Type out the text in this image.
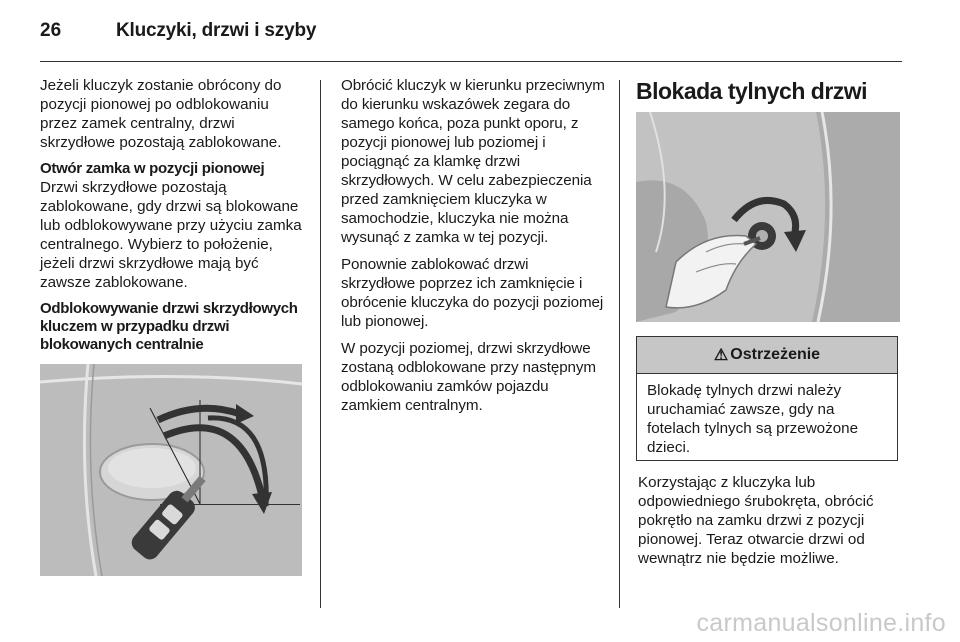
26	Kluczyki, drzwi i szyby

Jeżeli kluczyk zostanie obrócony do pozycji pionowej po odblokowaniu przez zamek centralny, drzwi skrzydłowe pozostają zablokowane.

Otwór zamka w pozycji pionowej

Drzwi skrzydłowe pozostają zablokowane, gdy drzwi są blokowane lub odblokowywane przy użyciu zamka centralnego. Wybierz to położenie, jeżeli drzwi skrzydłowe mają być zawsze zablokowane.

Odblokowywanie drzwi skrzydłowych kluczem w przypadku drzwi blokowanych centralnie

Obrócić kluczyk w kierunku przeciwnym do kierunku wskazówek zegara do samego końca, poza punkt oporu, z pozycji pionowej lub poziomej i pociągnąć za klamkę drzwi skrzydłowych. W celu zabezpieczenia przed zamknięciem kluczyka w samochodzie, kluczyka nie można wysunąć z zamka w tej pozycji.

Ponownie zablokować drzwi skrzydłowe poprzez ich zamknięcie i obrócenie kluczyka do pozycji poziomej lub pionowej.

W pozycji poziomej, drzwi skrzydłowe zostaną odblokowane przy następnym odblokowaniu zamków pojazdu zamkiem centralnym.

Blokada tylnych drzwi
⚠ Ostrzeżenie
Blokadę tylnych drzwi należy uruchamiać zawsze, gdy na fotelach tylnych są przewożone dzieci.

Korzystając z kluczyka lub odpowiedniego śrubokręta, obrócić pokrętło na zamku drzwi z pozycji pionowej. Teraz otwarcie drzwi od wewnątrz nie będzie możliwe.

carmanualsonline.info
